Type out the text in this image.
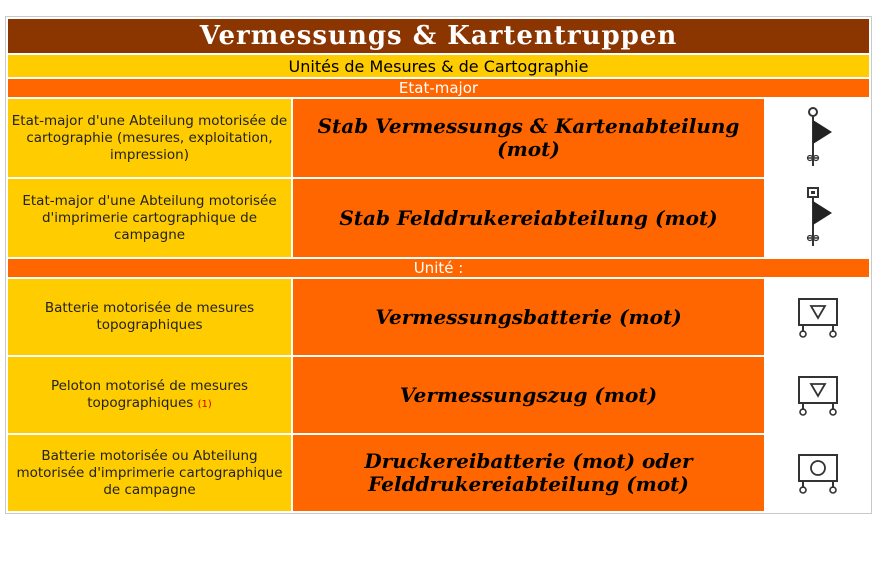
Vermessungs & Kartentruppen		
Unités de Mesures & de Cartographie		
Etat-major		
Etat-major d'une Abteilung motorisée de cartographie (mesures, exploitation, impression)	Stab Vermessungs & Kartenabteilung (mot)	

Etat-major d'une Abteilung motorisée d'imprimerie cartographique de campagne	Stab Felddrukereiabteilung (mot)	

Unité :		
Batterie motorisée de mesures topographiques	Vermessungsbatterie (mot)	

Peloton motorisé de mesures topographiques (1)	Vermessungszug (mot)	

Batterie motorisée ou Abteilung motorisée d'imprimerie cartographique de campagne	Druckereibatterie (mot) oder
Felddrukereiabteilung (mot)
